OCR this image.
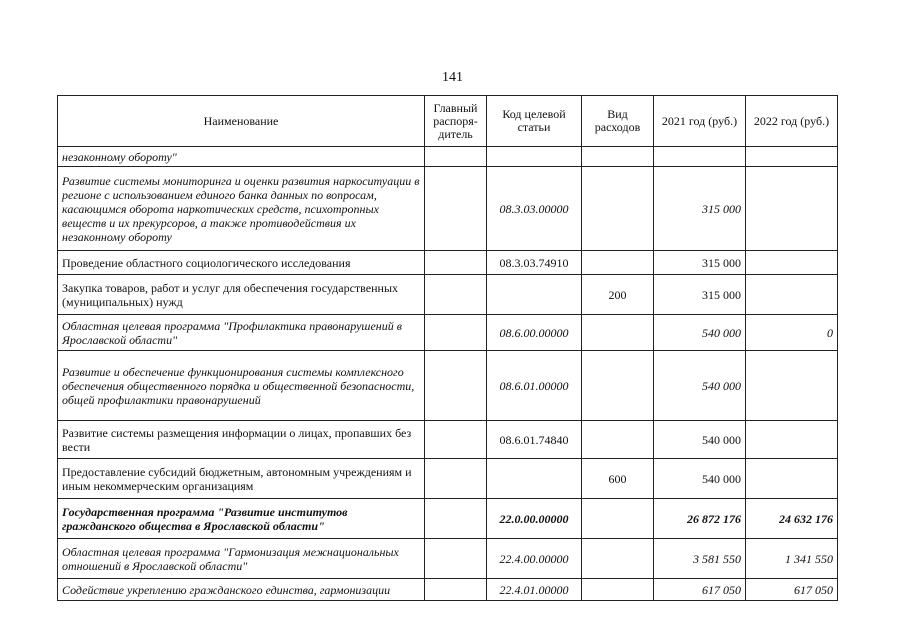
141
Наименование	Главный распоря-дитель	Код целевой статьи	Вид расходов	2021 год (руб.)	2022 год (руб.)
незаконному обороту"					
Развитие системы мониторинга и оценки развития наркоситуации в регионе с использованием единого банка данных по вопросам, касающимся оборота наркотических средств, психотропных веществ и их прекурсоров, а также противодействия их незаконному обороту		08.3.03.00000		315 000	
Проведение областного социологического исследования		08.3.03.74910		315 000	
Закупка товаров, работ и услуг для обеспечения государственных (муниципальных) нужд			200	315 000	
Областная целевая программа "Профилактика правонарушений в Ярославской области"		08.6.00.00000		540 000	0
Развитие и обеспечение функционирования системы комплексного обеспечения общественного порядка и общественной безопасности, общей профилактики правонарушений		08.6.01.00000		540 000	
Развитие системы размещения информации о лицах, пропавших без вести		08.6.01.74840		540 000	
Предоставление субсидий бюджетным, автономным учреждениям и иным некоммерческим организациям			600	540 000	
Государственная программа "Развитие институтов гражданского общества в Ярославской области"		22.0.00.00000		26 872 176	24 632 176
Областная целевая программа "Гармонизация межнациональных отношений в Ярославской области"		22.4.00.00000		3 581 550	1 341 550
Содействие укреплению гражданского единства, гармонизации		22.4.01.00000		617 050	617 050
